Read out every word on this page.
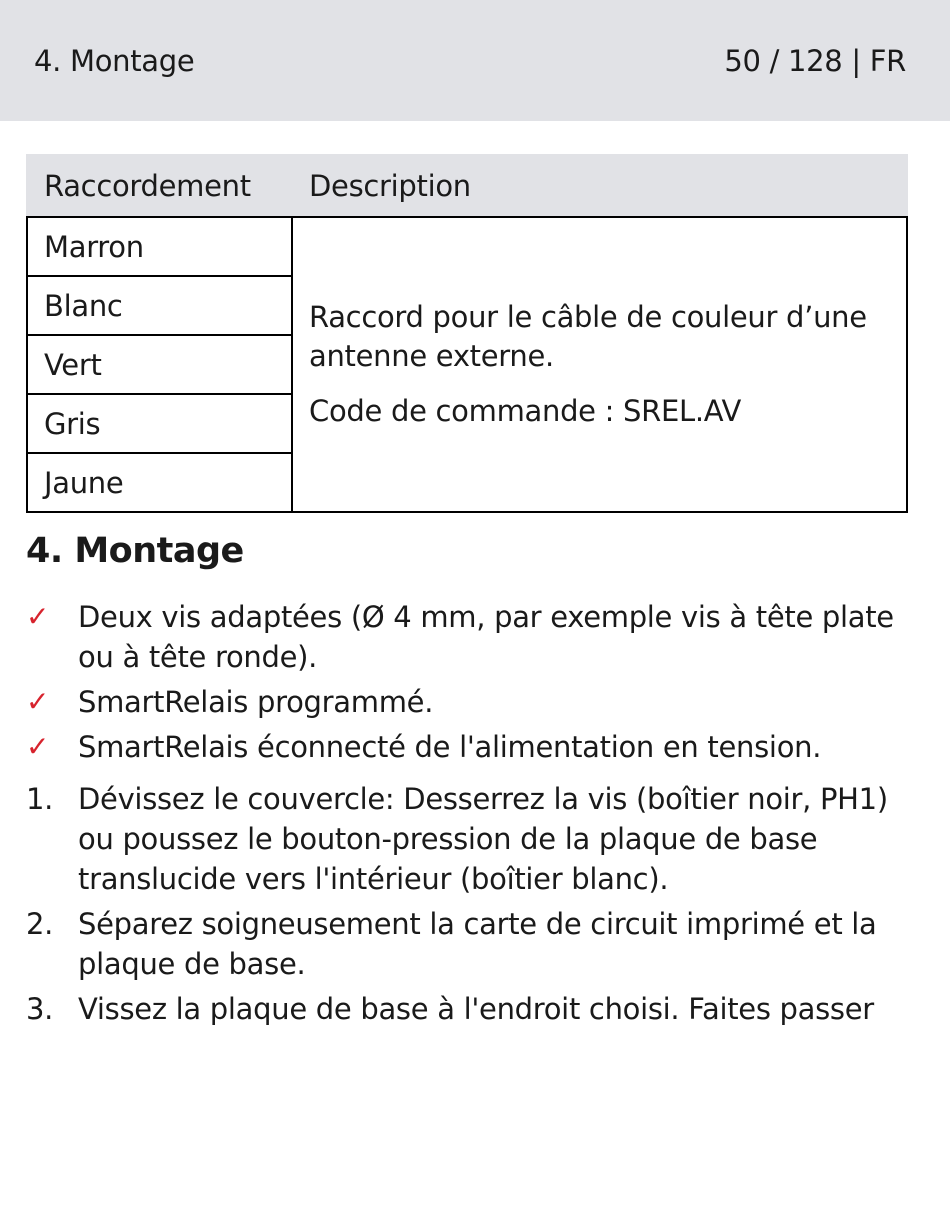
4. Montage	50 / 128 | FR
Raccordement	Description
Marron	Raccord pour le câble de couleur d’une antenne externe.

Code de commande : SREL.AV

Blanc	
Vert	
Gris	
Jaune	
4. Montage
✓ Deux vis adaptées (Ø 4 mm, par exemple vis à tête plate ou à tête ronde).
✓ SmartRelais programmé.
✓ SmartRelais éconnecté de l'alimentation en tension.
1. Dévissez le couvercle: Desserrez la vis (boîtier noir, PH1) ou poussez le bouton-pression de la plaque de base translucide vers l'intérieur (boîtier blanc).
2. Séparez soigneusement la carte de circuit imprimé et la plaque de base.
3. Vissez la plaque de base à l'endroit choisi. Faites passer
